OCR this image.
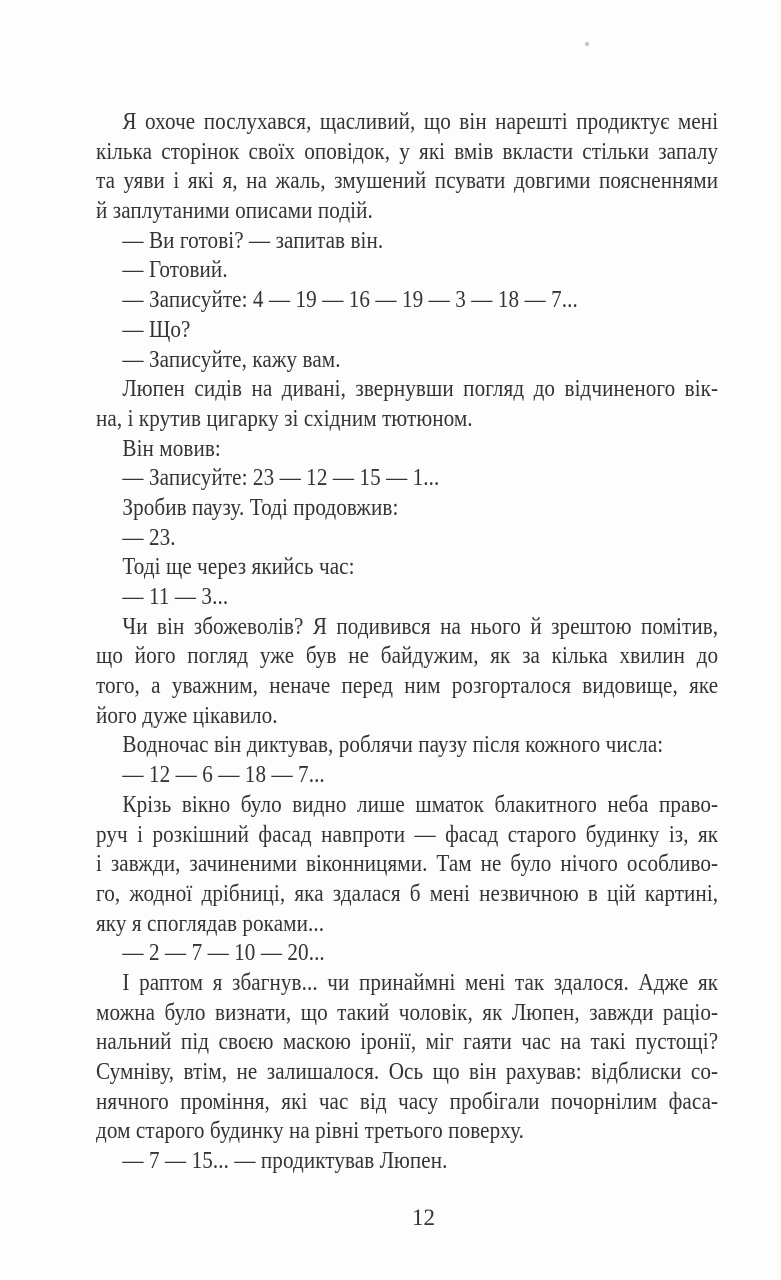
Я охоче послухався, щасливий, що він нарешті продиктує мені
кілька сторінок своїх оповідок, у які вмів вкласти стільки запалу
та уяви і які я, на жаль, змушений псувати довгими поясненнями
й заплутаними описами подій.
— Ви готові? — запитав він.
— Готовий.
— Записуйте: 4 — 19 — 16 — 19 — 3 — 18 — 7...
— Що?
— Записуйте, кажу вам.
Люпен сидів на дивані, звернувши погляд до відчиненого вік-
на, і крутив цигарку зі східним тютюном.
Він мовив:
— Записуйте: 23 — 12 — 15 — 1...
Зробив паузу. Тоді продовжив:
— 23.
Тоді ще через якийсь час:
— 11 — 3...
Чи він збожеволів? Я подивився на нього й зрештою помітив,
що його погляд уже був не байдужим, як за кілька хвилин до
того, а уважним, неначе перед ним розгорталося видовище, яке
його дуже цікавило.
Водночас він диктував, роблячи паузу після кожного числа:
— 12 — 6 — 18 — 7...
Крізь вікно було видно лише шматок блакитного неба право-
руч і розкішний фасад навпроти — фасад старого будинку із, як
і завжди, зачиненими віконницями. Там не було нічого особливо-
го, жодної дрібниці, яка здалася б мені незвичною в цій картині,
яку я споглядав роками...
— 2 — 7 — 10 — 20...
І раптом я збагнув... чи принаймні мені так здалося. Адже як
можна було визнати, що такий чоловік, як Люпен, завжди раціо-
нальний під своєю маскою іронії, міг гаяти час на такі пустощі?
Сумніву, втім, не залишалося. Ось що він рахував: відблиски со-
нячного проміння, які час від часу пробігали почорнілим фаса-
дом старого будинку на рівні третього поверху.
— 7 — 15... — продиктував Люпен.
12
